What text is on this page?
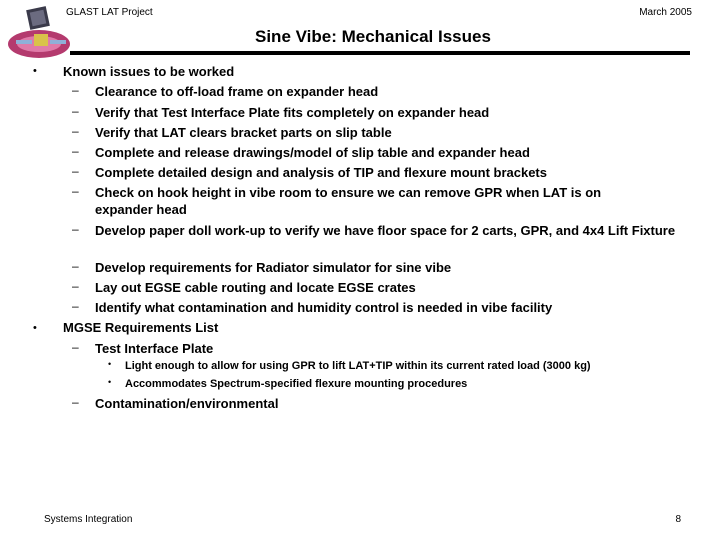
GLAST LAT Project	March 2005
Sine Vibe: Mechanical Issues
• Known issues to be worked
– Clearance to off-load frame on expander head
– Verify that Test Interface Plate fits completely on expander head
– Verify that LAT clears bracket parts on slip table
– Complete and release drawings/model of slip table and expander head
– Complete detailed design and analysis of TIP and flexure mount brackets
– Check on hook height in vibe room to ensure we can remove GPR when LAT is on expander head
– Develop paper doll work-up to verify we have floor space for 2 carts, GPR, and 4x4 Lift Fixture
– Develop requirements for Radiator simulator for sine vibe
– Lay out EGSE cable routing and locate EGSE crates
– Identify what contamination and humidity control is needed in vibe facility
• MGSE Requirements List
– Test Interface Plate
• Light enough to allow for using GPR to lift LAT+TIP within its current rated load (3000 kg)
• Accommodates Spectrum-specified flexure mounting procedures
– Contamination/environmental
Systems Integration	8
